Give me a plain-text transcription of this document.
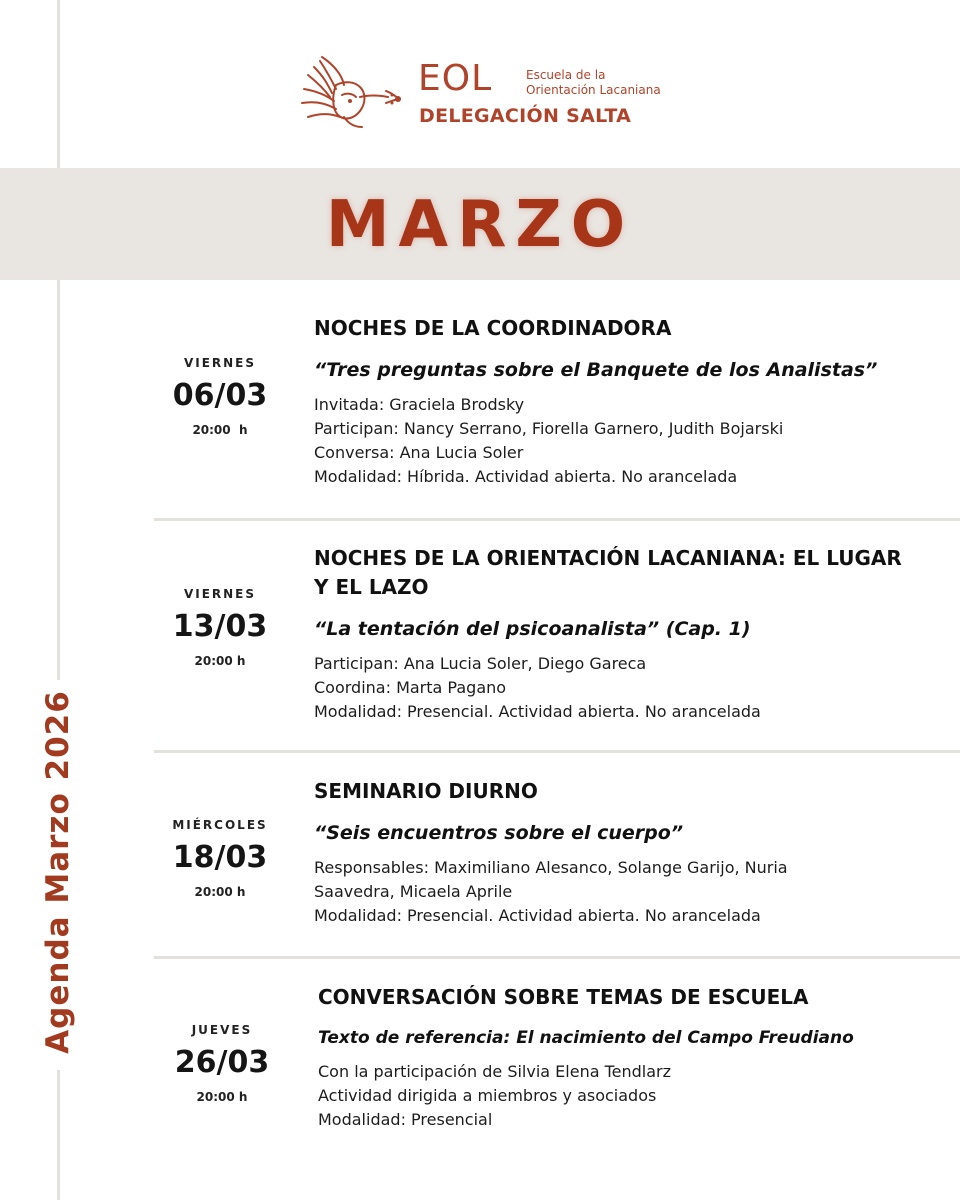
Agenda Marzo 2026
EOL	Escuela de la
Orientación Lacaniana
DELEGACIÓN SALTA
MARZO
VIERNES
06/03
20:00  h
NOCHES DE LA COORDINADORA
“Tres preguntas sobre el Banquete de los Analistas”
Invitada: Graciela Brodsky
Participan: Nancy Serrano, Fiorella Garnero, Judith Bojarski
Conversa: Ana Lucia Soler
Modalidad: Híbrida. Actividad abierta. No arancelada
VIERNES
13/03
20:00 h
NOCHES DE LA ORIENTACIÓN LACANIANA: EL LUGAR Y EL LAZO
“La tentación del psicoanalista” (Cap. 1)
Participan: Ana Lucia Soler, Diego Gareca
Coordina: Marta Pagano
Modalidad: Presencial. Actividad abierta. No arancelada
MIÉRCOLES
18/03
20:00 h
SEMINARIO DIURNO
“Seis encuentros sobre el cuerpo”
Responsables: Maximiliano Alesanco, Solange Garijo, Nuria
Saavedra, Micaela Aprile
Modalidad: Presencial. Actividad abierta. No arancelada
JUEVES
26/03
20:00 h
CONVERSACIÓN SOBRE TEMAS DE ESCUELA
Texto de referencia: El nacimiento del Campo Freudiano
Con la participación de Silvia Elena Tendlarz
Actividad dirigida a miembros y asociados
Modalidad: Presencial
